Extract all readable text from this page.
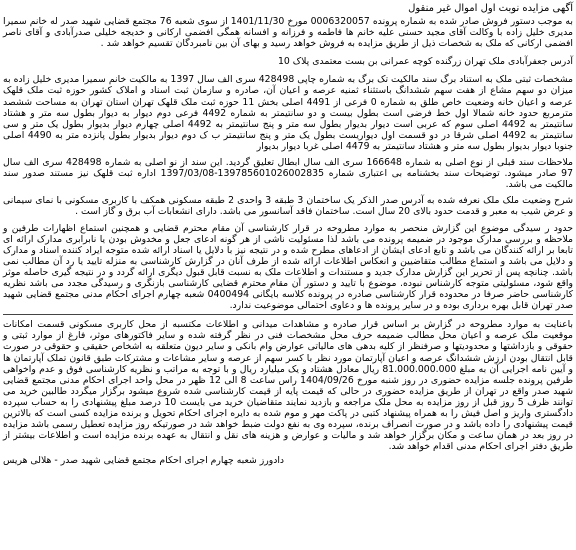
آگهی مزایده نوبت اول اموال غیر منقول

به موجب دستور فروش صادر شده به شماره پرونده 0006320057 مورخ 1401/11/30 از سوی شعبه 76 مجتمع قضایی شهید صدر له خانم سمیرا مدیری خلیل زاده با وکالت آقای مجید حسنی علیه خانم ها فاطمه و فرزانه و افسانه همگی افضمی ارکانی و خدیجه خلیلی صدرآبادی و آقای ناصر افضمی ارکانی که ملک به شخصات ذیل از طریق مزایده به فروش خواهد رسید و بهای آن بین نامبردگان تقسیم خواهد شد .

آدرس جعفرآبادی ملک تهران زرگنده کوچه عمرانی بن بست معتمدی پلاک 10

مشخصات ثبتی ملک به استناد برگ سند مالکیت تک برگ به شماره چاپی 428498 سری الف سال 1397 به مالکیت خانم سمیرا مدیری خلیل زاده به میزان دو سهم مشاع از هفت سهم ششدانگ باستثناء ثمنیه عرصه و اعیان آن، صادره و سازمان ثبت اسناد و املاک کشور حوزه ثبت ملک قلهک عرصه و اعیان خانه وضعیت خاص طلق به شماره 0 فرعی از 4491 اصلی بخش 11 حوزه ثبت ملک قلهک تهران استان تهران به مساحت ششصد مترمربع حدود خانه شمالا اول خط فرضی است بطول بیست و دو سانتیمتر به شماره 4492 فرعی دوم دیوار به دیوار بطول سه متر و هشتاد سانتیمتر به 4492 اصلی سوم که عربی است دیوار بدیوار بطول سه متر و پنج سانتیمتر به 4492 اصلی چهارم دیوار بدیوار بطول یک متر و سی سانتیمتر به 4492 اصلی شرقا در دو قسمت اول دیواریست بطول یک متر و پنج سانتیمتر ب ک دوم دیوار بدیوار بطول پانزده متر به 4490 اصلی جنوبا دیوار بدیوار بطول سه متر و هشتاد سانتیمتر به 4479 اصلی غربا دیوار بدیوار

ملاحظات سند قبلی از نوع اصلی به شماره 166648 سری الف سال ابطال تعلیق گردید. این سند از نو اصلی به شماره 428498 سری الف سال 97 صادر میشود. توضیحات سند بخشنامه بی اعتباری شماره 139785601026002835-1397/03/08 اداره ثبت قلهک نیز مستند صدور سند مالکیت می باشد.

شرح وضعیت ملک ملک نعرفه شده به آدرس صدر الذکر یک ساختمان 3 طبقه 3 واحدی 2 طبقه مسکونی همکف با کاربری مسکونی با نمای سیمانی و عرض شیب به معبر و قدمت حدود بالای 20 سال است. ساختمان فاقد آسانسور می باشد. دارای انشعابات آب برق و گاز است .

حدود ر سیدگی موضوع این گزارش منحصر به موارد مطروحه در قرار کارشناسی آن مقام محترم قضایی و همچنین استماع اظهارات طرفین و ملاحظه و بررسی مدارک موجود در ضمیمه پرونده می باشد لذا مسئولیت ناشی از هر گونه ادعای جعل و مخدوش بودن یا نابرابری مدارک ارائه ای تابعا بر ارائه کنندگان می باشد و تابع ادعای ایشان از ادعاهای مطرح شده و در نتیجه نیز با دلایل یا اسناد ارائه شده متوجه ایراد کننده اسناد و مدارک و دلایل می باشد و استماع مطالب متقاضیین و انعکاس اطلاعات ارائه شده از طرف آنان در گزارش کارشناسی به منزله تایید یا رد آن مطالب نمی باشد. چنانچه پس از تحریر این گزارش مدارک جدید و مستندات و اطلاعات ملک به نسبت قابل قبول دیگری ارائه گردد و در نتیجه گیری حاصله موثر واقع شود، مسئولیتی متوجه کارشناس نبوده. موضوع با تایید و دستور آن مقام محترم قضایی کارشناسی بازنگری و رسیدگی مجدد می باشد نظریه کارشناسی حاضر صرفا در محدوده قرار کارشناسی صادره در پرونده کلاسه بایگانی 0400494 شعبه چهارم اجرای احکام مدنی مجتمع قضایی شهید صدر تهران قابل بهره برداری بوده و در سایر پرونده ها و دعاوی احتمالی موضوعیت ندارد.

باعنایت به موارد مطروحه در گزارش بر اساس قرار صادره و مشاهدات میدانی و اطلاعات مکتسبه از محل کاربری مسکونی قسمت امکانات موقعیت ملک عرصه و اعیان محل مطالب ضمیمه حرف محل مشخصات فنی در نظر گرفته شده و سایر فاکتورهای موثر، فارغ از موارد ثبتی و حقوقی و بازداشتها و محدودیتها و صرفنظر از کلیه بدهی های مالیاتی عوارض وام بانکی و سایر دیون متعلقه به اشخاص حقیقی و حقوقی در صورت قابل انتقال بودن ارزش ششدانگ عرصه و اعیان آپارتمان مورد نظر با کسر سهم از عرصه و سایر مشاعات و مشترکات طبق قانون تملک آپارتمان ها و آیین نامه اجرایی آن به مبلغ 81.000.000.000 ریال معادل هشتاد و یک میلیارد ریال و با توجه به مراتب و نظریه کارشناسی فوق و عدم واخواهی طرفین پرونده جلسه مزایده حضوری در روز شنبه مورخ 1404/09/26 راس ساعت 8 الی 12 ظهر در محل واحد اجرای احکام مدنی مجتمع قضایی شهید صدر واقع در تهران از طریق مزایده حضوری در حالی که قیمت پایه از قیمت کارشناسی شده شروع میشود برگزار میگردد طالبین خرید می توانند ظرف 5 روز قبل از روز مزایده به محل ملک مراجعه و بازدید نمایند متقاضیان خرید می بایست 10 درصد مبلغ پیشنهادی را به حساب سپرده دادگستری واریز و اصل فیش را به همراه پیشنهاد کتبی در پاکت مهر و موم شده به دایره اجرای احکام تحویل و برنده مزایده کسی است که بالاترین قیمت پیشنهادی را داده باشد و در صورت انصراف برنده، سپرده وی به نفع دولت ضبط خواهد شد در صورتیکه روز مزایده تعطیل رسمی باشد مزایده در روز بعد در همان ساعت و مکان برگزار خواهد شد و مالیات و عوارض و هزینه های نقل و انتقال به عهده برنده مزایده است و اطلاعات بیشتر از طریق دفتر اجرای احکام مدنی اقدام خواهد شد.

دادورز شعبه چهارم اجرای احکام مجتمع قضایی شهید صدر - هلالی هریس
